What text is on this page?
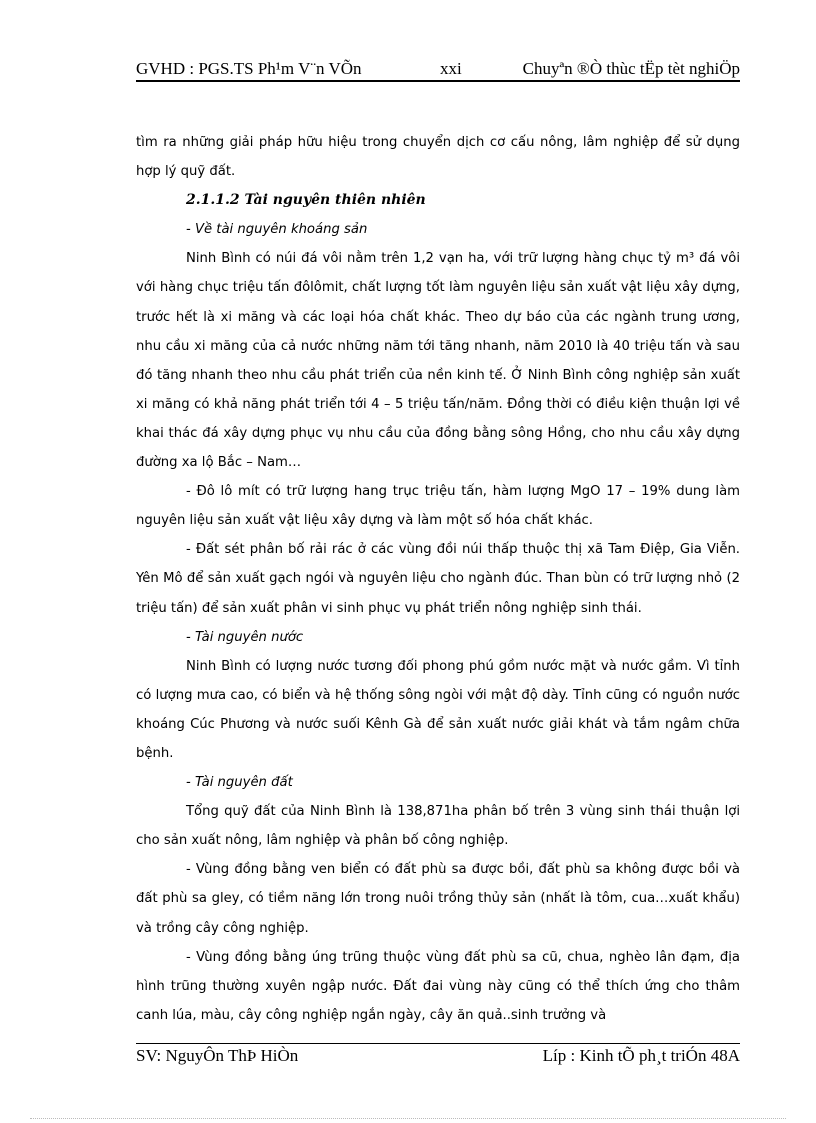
GVHD : PGS.TS Ph¹m V¨n VÕn	xxi	Chuyªn ®Ò thùc tËp tèt nghiÖp

tìm ra những giải pháp hữu hiệu trong chuyển dịch cơ cấu nông, lâm nghiệp để sử dụng hợp lý quỹ đất.

2.1.1.2 Tài nguyên thiên nhiên

- Về tài nguyên khoáng sản

Ninh Bình có núi đá vôi nằm trên 1,2 vạn ha, với trữ lượng hàng chục tỷ m³ đá vôi với hàng chục triệu tấn đôlômit, chất lượng tốt làm nguyên liệu sản xuất vật liệu xây dựng, trước hết là xi măng và các loại hóa chất khác. Theo dự báo của các ngành trung ương, nhu cầu xi măng của cả nước những năm tới tăng nhanh, năm 2010 là 40 triệu tấn và sau đó tăng nhanh theo nhu cầu phát triển của nền kinh tế. Ở Ninh Bình công nghiệp sản xuất xi măng có khả năng phát triển tới 4 – 5 triệu tấn/năm. Đồng thời có điều kiện thuận lợi về khai thác đá xây dựng phục vụ nhu cầu của đồng bằng sông Hồng, cho nhu cầu xây dựng đường xa lộ Bắc – Nam…

- Đô lô mít có trữ lượng hang trục triệu tấn, hàm lượng MgO 17 – 19% dung làm nguyên liệu sản xuất vật liệu xây dựng và làm một số hóa chất khác.

- Đất sét phân bố rải rác ở các vùng đồi núi thấp thuộc thị xã Tam Điệp, Gia Viễn. Yên Mô để sản xuất gạch ngói và nguyên liệu cho ngành đúc. Than bùn có trữ lượng nhỏ (2 triệu tấn) để sản xuất phân vi sinh phục vụ phát triển nông nghiệp sinh thái.

- Tài nguyên nước

Ninh Bình có lượng nước tương đối phong phú gồm nước mặt và nước gầm. Vì tỉnh có lượng mưa cao, có biển và hệ thống sông ngòi với mật độ dày. Tỉnh cũng có nguồn nước khoáng Cúc Phương và nước suối Kênh Gà để sản xuất nước giải khát và tắm ngâm chữa bệnh.

- Tài nguyên đất

Tổng quỹ đất của Ninh Bình là 138,871ha phân bố trên 3 vùng sinh thái thuận lợi cho sản xuất nông, lâm nghiệp và phân bố công nghiệp.

- Vùng đồng bằng ven biển có đất phù sa được bồi, đất phù sa không được bồi và đất phù sa gley, có tiềm năng lớn trong nuôi trồng thủy sản (nhất là tôm, cua…xuất khẩu) và trồng cây công nghiệp.

- Vùng đồng bằng úng trũng thuộc vùng đất phù sa cũ, chua, nghèo lân đạm, địa hình trũng thường xuyên ngập nước. Đất đai vùng này cũng có thể thích ứng cho thâm canh lúa, màu, cây công nghiệp ngắn ngày, cây ăn quả..sinh trưởng và

SV: NguyÔn ThÞ HiÒn	Líp : Kinh tÕ ph¸t triÓn 48A
